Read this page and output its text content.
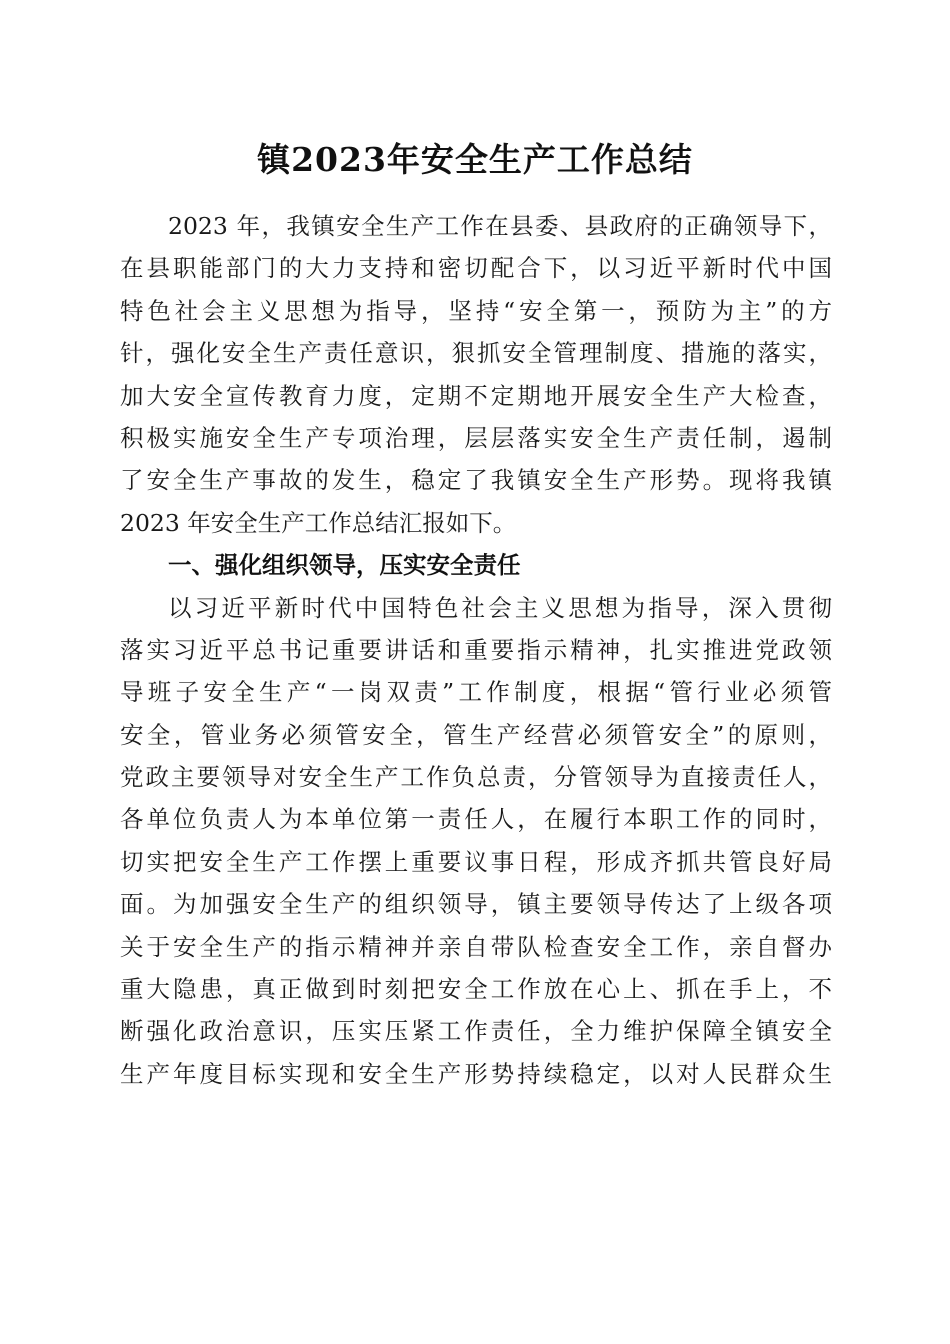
镇2023年安全生产工作总结
2023 年，我镇安全生产工作在县委、县政府的正确领导下，
在县职能部门的大力支持和密切配合下，以习近平新时代中国
特色社会主义思想为指导，坚持“安全第一，预防为主”的方
针，强化安全生产责任意识，狠抓安全管理制度、措施的落实，
加大安全宣传教育力度，定期不定期地开展安全生产大检查，
积极实施安全生产专项治理，层层落实安全生产责任制，遏制
了安全生产事故的发生，稳定了我镇安全生产形势。现将我镇
2023 年安全生产工作总结汇报如下。
一、强化组织领导，压实安全责任
以习近平新时代中国特色社会主义思想为指导，深入贯彻
落实习近平总书记重要讲话和重要指示精神，扎实推进党政领
导班子安全生产“一岗双责”工作制度，根据“管行业必须管
安全，管业务必须管安全，管生产经营必须管安全”的原则，
党政主要领导对安全生产工作负总责，分管领导为直接责任人，
各单位负责人为本单位第一责任人，在履行本职工作的同时，
切实把安全生产工作摆上重要议事日程，形成齐抓共管良好局
面。为加强安全生产的组织领导，镇主要领导传达了上级各项
关于安全生产的指示精神并亲自带队检查安全工作，亲自督办
重大隐患，真正做到时刻把安全工作放在心上、抓在手上，不
断强化政治意识，压实压紧工作责任，全力维护保障全镇安全
生产年度目标实现和安全生产形势持续稳定，以对人民群众生
